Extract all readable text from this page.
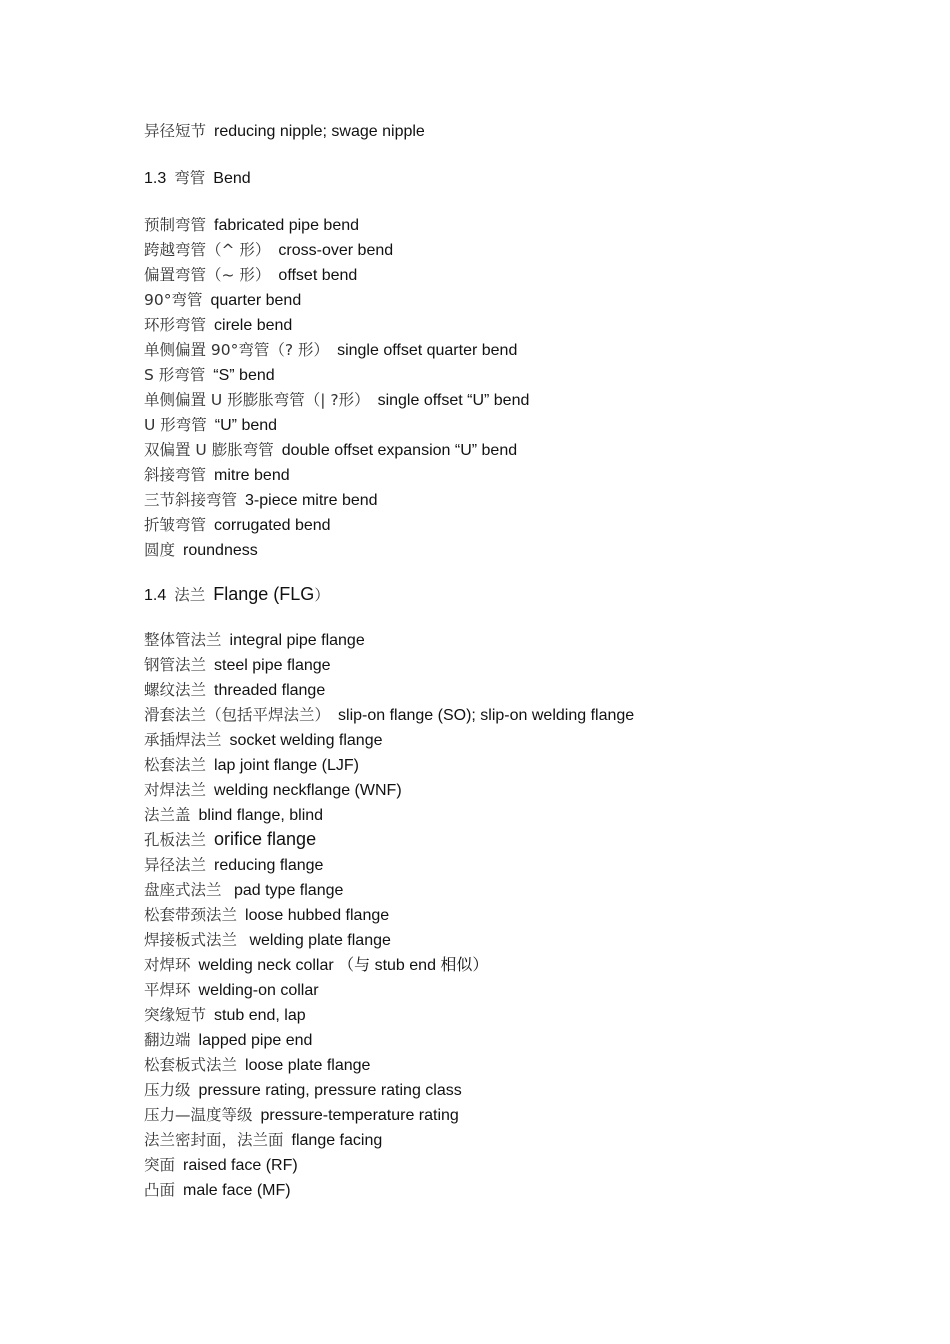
异径短节 reducing nipple; swage nipple
1.3 弯管 Bend
预制弯管 fabricated pipe bend
跨越弯管（^ 形） cross-over bend
偏置弯管（~ 形） offset bend
90°弯管 quarter bend
环形弯管 cirele bend
单侧偏置 90°弯管（? 形） single offset quarter bend
S 形弯管 “S” bend
单侧偏置 U 形膨胀弯管（| ?形） single offset “U” bend
U 形弯管 “U” bend
双偏置 U 膨胀弯管 double offset expansion “U” bend
斜接弯管 mitre bend
三节斜接弯管 3-piece mitre bend
折皱弯管 corrugated bend
圆度 roundness
1.4 法兰 Flange (FLG）
整体管法兰 integral pipe flange
钢管法兰 steel pipe flange
螺纹法兰 threaded flange
滑套法兰（包括平焊法兰） slip-on flange (SO); slip-on welding flange
承插焊法兰 socket welding flange
松套法兰 lap joint flange (LJF)
对焊法兰 welding neckflange (WNF)
法兰盖 blind flange, blind
孔板法兰 orifice flange
异径法兰 reducing flange
盘座式法兰 pad type flange
松套带颈法兰 loose hubbed flange
焊接板式法兰 welding plate flange
对焊环 welding neck collar （与 stub end 相似）
平焊环 welding-on collar
突缘短节 stub end, lap
翻边端 lapped pipe end
松套板式法兰 loose plate flange
压力级 pressure rating, pressure rating class
压力—温度等级 pressure-temperature rating
法兰密封面，法兰面 flange facing
突面 raised face (RF)
凸面 male face (MF)
